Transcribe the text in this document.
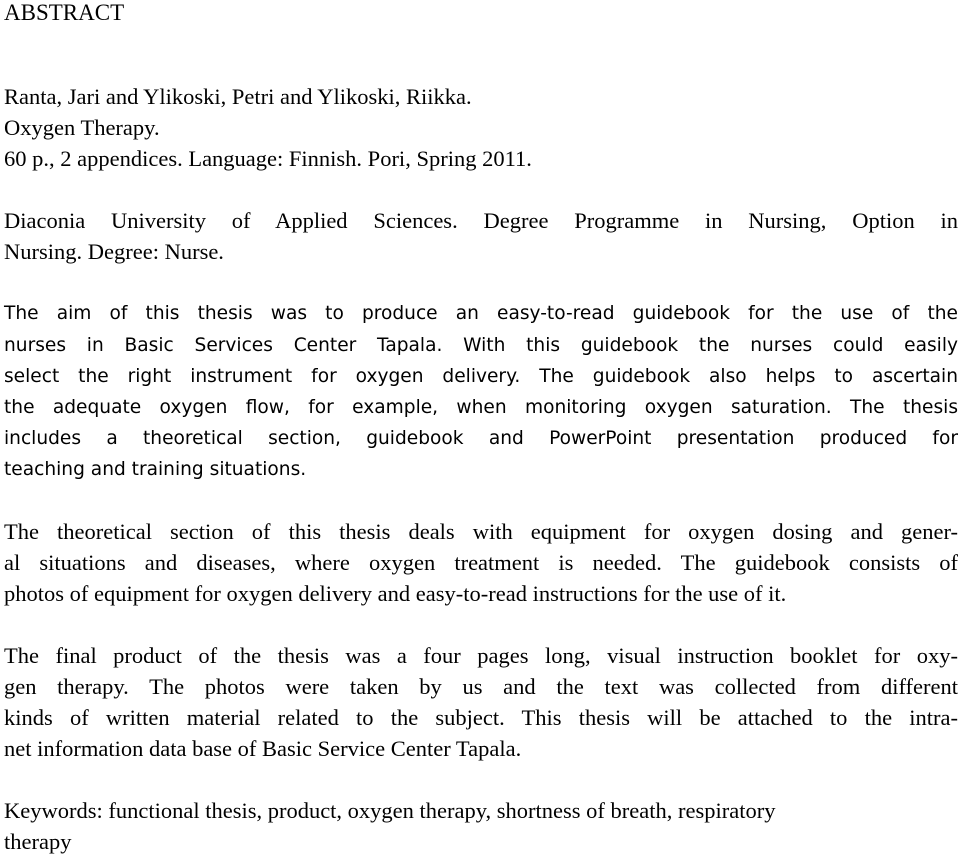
ABSTRACT
Ranta, Jari and Ylikoski, Petri and Ylikoski, Riikka.
Oxygen Therapy.
60 p., 2 appendices. Language: Finnish. Pori, Spring 2011.
Diaconia University of Applied Sciences. Degree Programme in Nursing, Option in
Nursing. Degree: Nurse.
The aim of this thesis was to produce an easy-to-read guidebook for the use of the
nurses in Basic Services Center Tapala. With this guidebook the nurses could easily
select the right instrument for oxygen delivery. The guidebook also helps to ascertain
the adequate oxygen flow, for example, when monitoring oxygen saturation. The thesis
includes a theoretical section, guidebook and PowerPoint presentation produced for
teaching and training situations.
The theoretical section of this thesis deals with equipment for oxygen dosing and gener-
al situations and diseases, where oxygen treatment is needed. The guidebook consists of
photos of equipment for oxygen delivery and easy-to-read instructions for the use of it.
The final product of the thesis was a four pages long, visual instruction booklet for oxy-
gen therapy. The photos were taken by us and the text was collected from different
kinds of written material related to the subject. This thesis will be attached to the intra-
net information data base of Basic Service Center Tapala.
Keywords: functional thesis, product, oxygen therapy, shortness of breath, respiratory
therapy
